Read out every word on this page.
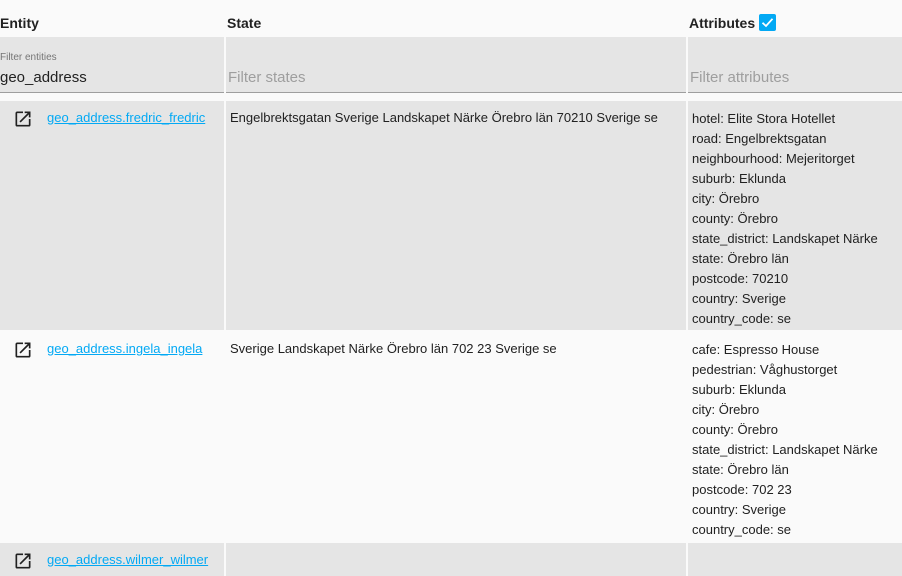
Entity	State	Attributes
Filter entities
geo_address	Filter states	Filter attributes
geo_address.fredric_fredric Engelbrektsgatan Sverige Landskapet Närke Örebro län 70210 Sverige se	hotel: Elite Stora Hotellet
road: Engelbrektsgatan
neighbourhood: Mejeritorget
suburb: Eklunda
city: Örebro
county: Örebro
state_district: Landskapet Närke
state: Örebro län
postcode: 70210
country: Sverige
country_code: se
geo_address.ingela_ingela Sverige Landskapet Närke Örebro län 702 23 Sverige se	cafe: Espresso House
pedestrian: Våghustorget
suburb: Eklunda
city: Örebro
county: Örebro
state_district: Landskapet Närke
state: Örebro län
postcode: 702 23
country: Sverige
country_code: se
geo_address.wilmer_wilmer
